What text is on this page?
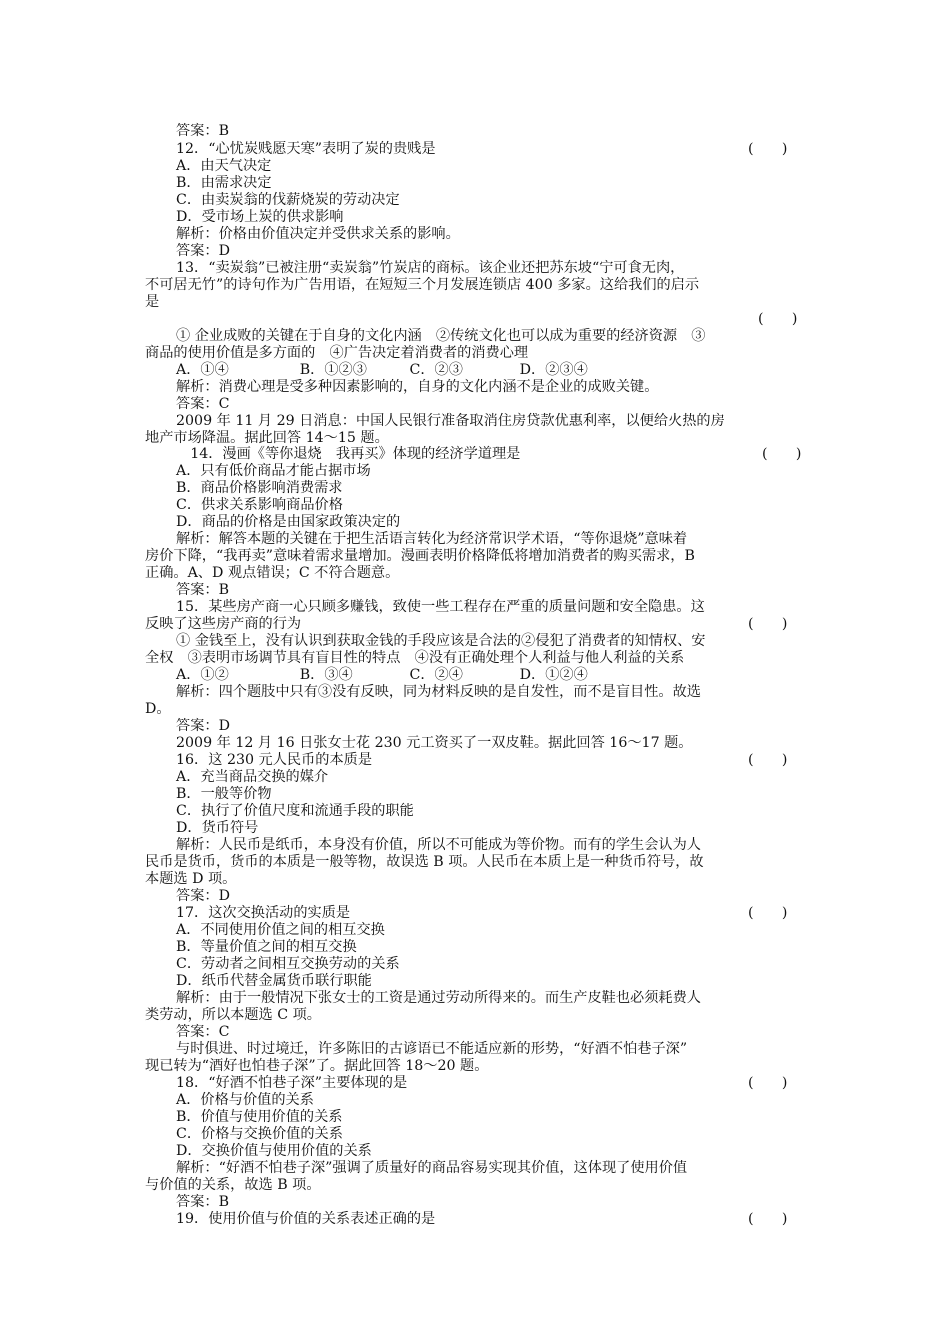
答案：B
12．“心忧炭贱愿天寒”表明了炭的贵贱是	(　　)
A．由天气决定
B．由需求决定
C．由卖炭翁的伐薪烧炭的劳动决定
D．受市场上炭的供求影响
解析：价格由价值决定并受供求关系的影响。
答案：D
13．“卖炭翁”已被注册“卖炭翁”竹炭店的商标。该企业还把苏东坡“宁可食无肉，
不可居无竹”的诗句作为广告用语，在短短三个月发展连锁店 400 多家。这给我们的启示
是
(　　)
① 企业成败的关键在于自身的文化内涵　②传统文化也可以成为重要的经济资源　③
商品的使用价值是多方面的　④广告决定着消费者的消费心理
A．①④　　　　　B．①②③　　　C．②③　　　　D．②③④
解析：消费心理是受多种因素影响的，自身的文化内涵不是企业的成败关键。
答案：C
2009 年 11 月 29 日消息：中国人民银行准备取消住房贷款优惠利率，以便给火热的房
地产市场降温。据此回答 14～15 题。
　14．漫画《等你退烧　我再买》体现的经济学道理是	(　　)
A．只有低价商品才能占据市场
B．商品价格影响消费需求
C．供求关系影响商品价格
D．商品的价格是由国家政策决定的
解析：解答本题的关键在于把生活语言转化为经济常识学术语，“等你退烧”意味着
房价下降，“我再卖”意味着需求量增加。漫画表明价格降低将增加消费者的购买需求，B
正确。A、D 观点错误；C 不符合题意。
答案：B
15．某些房产商一心只顾多赚钱，致使一些工程存在严重的质量问题和安全隐患。这
反映了这些房产商的行为	(　　)
① 金钱至上，没有认识到获取金钱的手段应该是合法的②侵犯了消费者的知情权、安
全权　③表明市场调节具有盲目性的特点　④没有正确处理个人利益与他人利益的关系
A．①②　　　　　B．③④　　　　C．②④　　　　D．①②④
解析：四个题肢中只有③没有反映，同为材料反映的是自发性，而不是盲目性。故选
D。
答案：D
2009 年 12 月 16 日张女士花 230 元工资买了一双皮鞋。据此回答 16～17 题。
16．这 230 元人民币的本质是	(　　)
A．充当商品交换的媒介
B．一般等价物
C．执行了价值尺度和流通手段的职能
D．货币符号
解析：人民币是纸币，本身没有价值，所以不可能成为等价物。而有的学生会认为人
民币是货币，货币的本质是一般等物，故误选 B 项。人民币在本质上是一种货币符号，故
本题选 D 项。
答案：D
17．这次交换活动的实质是	(　　)
A．不同使用价值之间的相互交换
B．等量价值之间的相互交换
C．劳动者之间相互交换劳动的关系
D．纸币代替金属货币联行职能
解析：由于一般情况下张女士的工资是通过劳动所得来的。而生产皮鞋也必须耗费人
类劳动，所以本题选 C 项。
答案：C
与时俱进、时过境迁，许多陈旧的古谚语已不能适应新的形势，“好酒不怕巷子深”
现已转为“酒好也怕巷子深”了。据此回答 18～20 题。
18．“好酒不怕巷子深”主要体现的是	(　　)
A．价格与价值的关系
B．价值与使用价值的关系
C．价格与交换价值的关系
D．交换价值与使用价值的关系
解析：“好酒不怕巷子深”强调了质量好的商品容易实现其价值，这体现了使用价值
与价值的关系，故选 B 项。
答案：B
19．使用价值与价值的关系表述正确的是	(　　)
